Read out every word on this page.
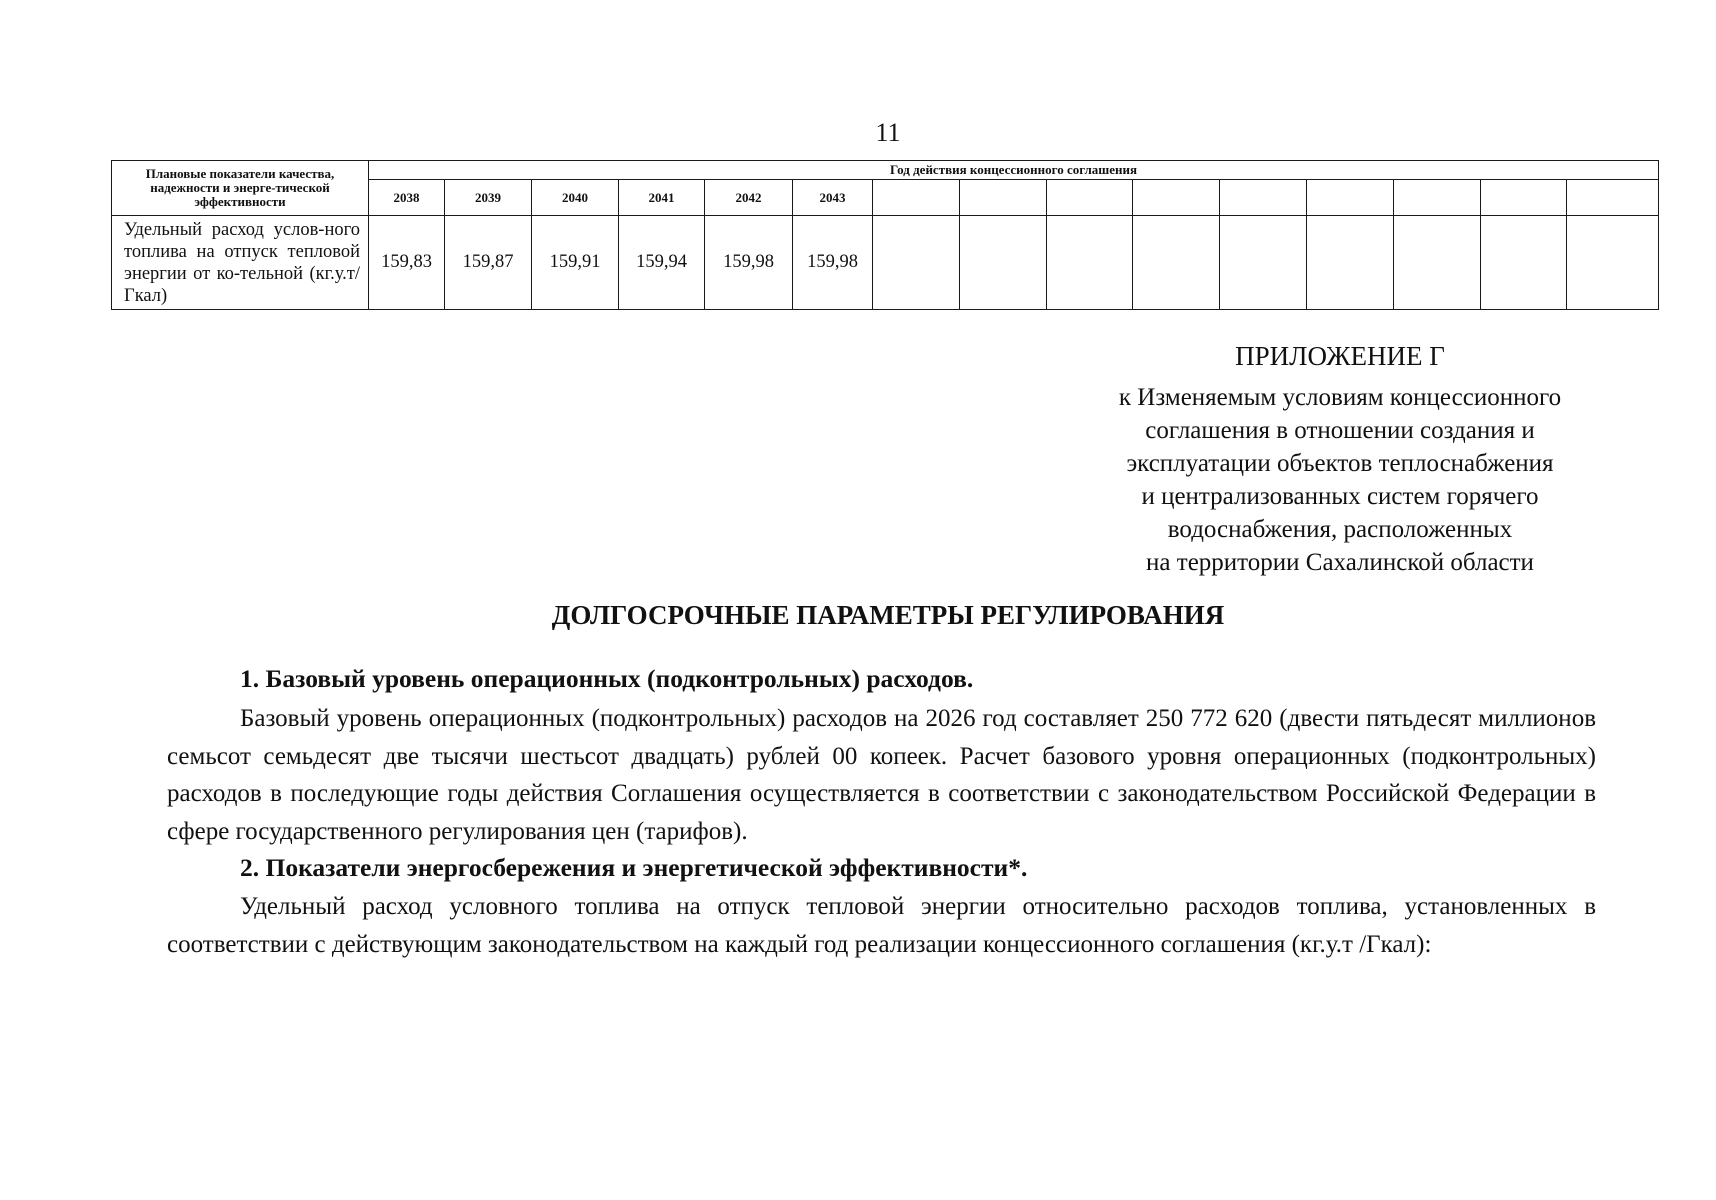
11
Плановые показатели качества, надежности и энерге-тической эффективности	Год действия концессионного соглашения														
	2038	2039	2040	2041	2042	2043									
Удельный расход услов-ного топлива на отпуск тепловой энергии от ко-тельной (кг.у.т/Гкал)	159,83	159,87	159,91	159,94	159,98	159,98									
ПРИЛОЖЕНИЕ Г
к Изменяемым условиям концессионного
соглашения в отношении создания и
эксплуатации объектов теплоснабжения
и централизованных систем горячего
водоснабжения, расположенных
на территории Сахалинской области
ДОЛГОСРОЧНЫЕ ПАРАМЕТРЫ РЕГУЛИРОВАНИЯ
1. Базовый уровень операционных (подконтрольных) расходов.
Базовый уровень операционных (подконтрольных) расходов на 2026 год составляет 250 772 620 (двести пятьдесят миллионов семьсот семьдесят две тысячи шестьсот двадцать) рублей 00 копеек. Расчет базового уровня операционных (подконтрольных) расходов в последующие годы действия Соглашения осуществляется в соответствии с законодательством Российской Федерации в сфере государственного регулирования цен (тарифов).
2. Показатели энергосбережения и энергетической эффективности*.
Удельный расход условного топлива на отпуск тепловой энергии относительно расходов топлива, установленных в соответствии с действующим законодательством на каждый год реализации концессионного соглашения (кг.у.т /Гкал):
